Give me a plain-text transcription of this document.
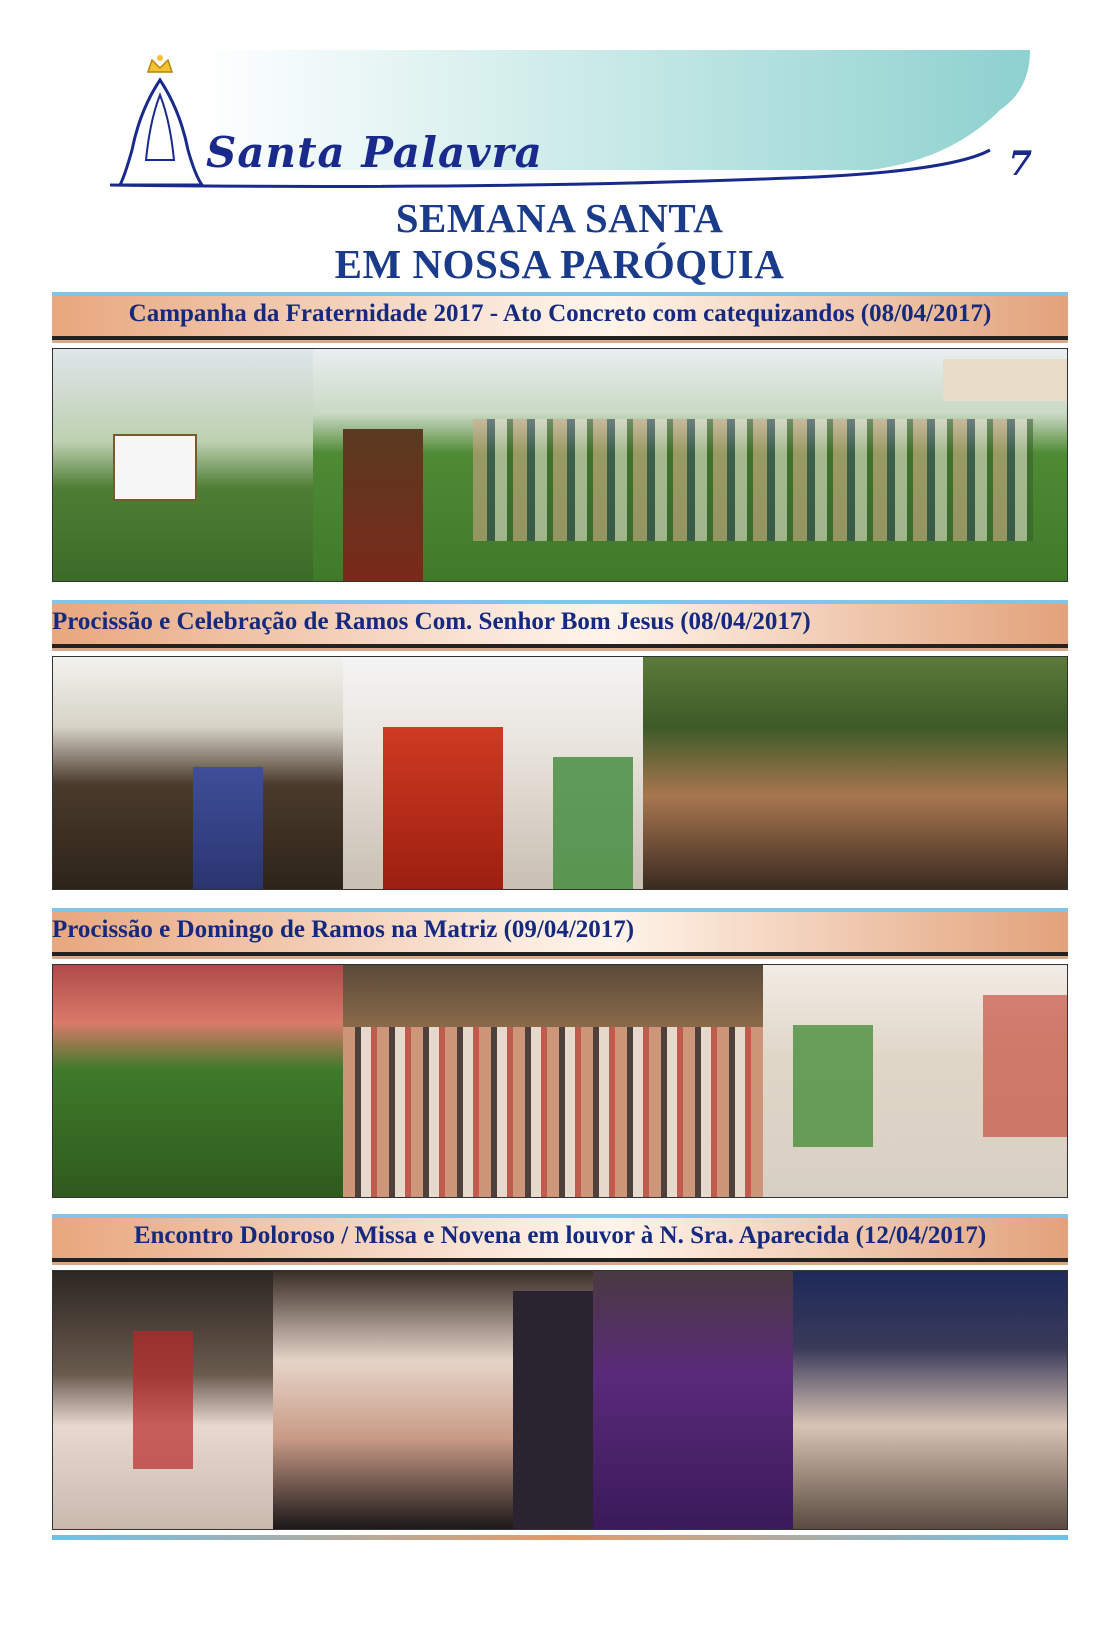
Santa Palavra	7
SEMANA SANTA
EM NOSSA PARÓQUIA
Campanha da Fraternidade 2017 - Ato Concreto com catequizandos (08/04/2017)
Procissão e Celebração de Ramos Com. Senhor Bom Jesus (08/04/2017)
Procissão e Domingo de Ramos na Matriz (09/04/2017)
Encontro Doloroso / Missa e Novena em louvor à N. Sra. Aparecida (12/04/2017)
